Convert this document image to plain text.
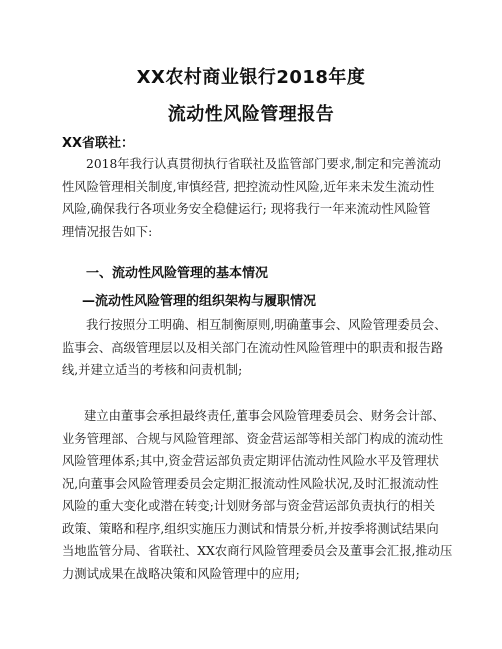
XX农村商业银行2018年度
流动性风险管理报告
XX省联社：
2018年我行认真贯彻执行省联社及监管部门要求,制定和完善流动
性风险管理相关制度,审慎经营, 把控流动性风险,近年来未发生流动性
风险,确保我行各项业务安全稳健运行; 现将我行一年来流动性风险管
理情况报告如下:
一、流动性风险管理的基本情况
—流动性风险管理的组织架构与履职情况
我行按照分工明确、相互制衡原则,明确董事会、风险管理委员会、
监事会、高级管理层以及相关部门在流动性风险管理中的职责和报告路
线,并建立适当的考核和问责机制;
建立由董事会承担最终责任,董事会风险管理委员会、财务会计部、
业务管理部、合规与风险管理部、资金营运部等相关部门构成的流动性
风险管理体系;其中,资金营运部负责定期评估流动性风险水平及管理状
况,向董事会风险管理委员会定期汇报流动性风险状况,及时汇报流动性
风险的重大变化或潜在转变;计划财务部与资金营运部负责执行的相关
政策、策略和程序,组织实施压力测试和情景分析,并按季将测试结果向
当地监管分局、省联社、XX农商行风险管理委员会及董事会汇报,推动压
力测试成果在战略决策和风险管理中的应用;
